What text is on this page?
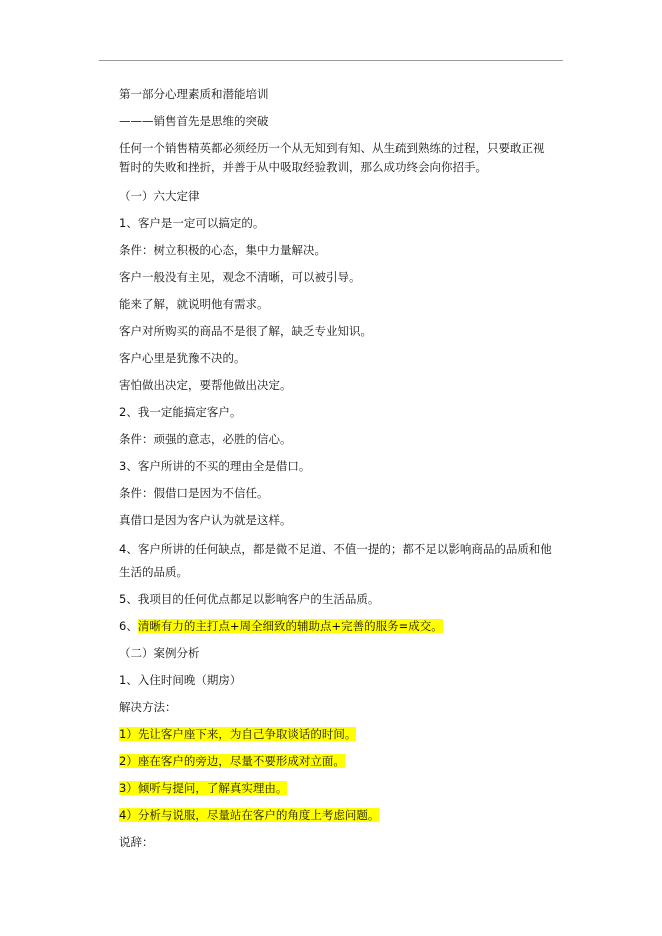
第一部分心理素质和潜能培训
———销售首先是思维的突破
任何一个销售精英都必须经历一个从无知到有知、从生疏到熟练的过程，只要敢正视
暂时的失败和挫折，并善于从中吸取经验教训，那么成功终会向你招手。
（一）六大定律
1、客户是一定可以搞定的。
条件：树立积极的心态，集中力量解决。
客户一般没有主见，观念不清晰，可以被引导。
能来了解，就说明他有需求。
客户对所购买的商品不是很了解，缺乏专业知识。
客户心里是犹豫不决的。
害怕做出决定，要帮他做出决定。
2、我一定能搞定客户。
条件：顽强的意志，必胜的信心。
3、客户所讲的不买的理由全是借口。
条件：假借口是因为不信任。
真借口是因为客户认为就是这样。
4、客户所讲的任何缺点，都是微不足道、不值一提的；都不足以影响商品的品质和他
生活的品质。
5、我项目的任何优点都足以影响客户的生活品质。
6、清晰有力的主打点+周全细致的辅助点+完善的服务=成交。
（二）案例分析
1、入住时间晚（期房）
解决方法：
1）先让客户座下来，为自己争取谈话的时间。
2）座在客户的旁边，尽量不要形成对立面。
3）倾听与提问，了解真实理由。
4）分析与说服，尽量站在客户的角度上考虑问题。
说辞：
